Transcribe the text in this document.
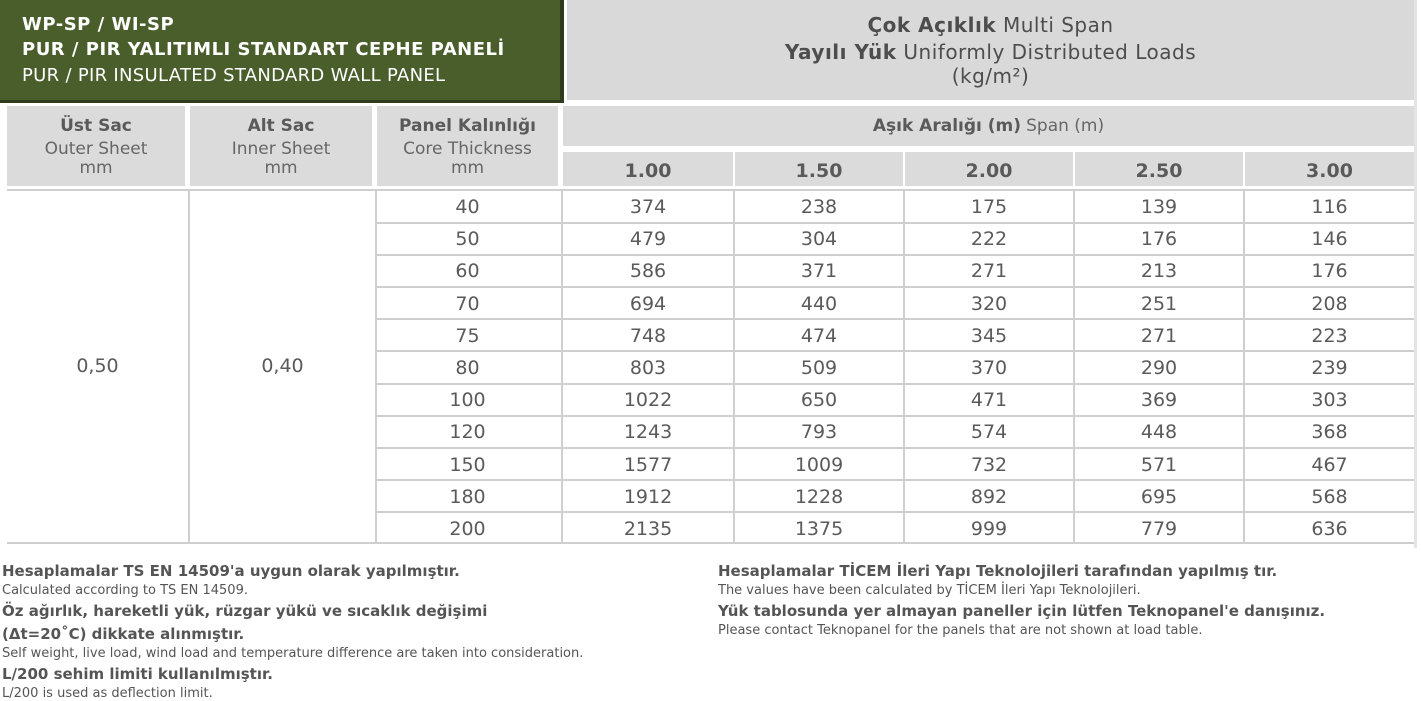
WP-SP / WI-SP
PUR / PIR YALITIMLI STANDART CEPHE PANELİ
PUR / PIR INSULATED STANDARD WALL PANEL
Çok Açıklık Multi Span
Yayılı Yük Uniformly Distributed Loads
(kg/m²)
Üst Sac
Outer Sheet
mm
Alt Sac
Inner Sheet
mm
Panel Kalınlığı
Core Thickness
mm
Aşık Aralığı (m) Span (m)
1.00	1.50	2.00	2.50	3.00
0,50	0,40
40	374	238	175	139	116
50	479	304	222	176	146
60	586	371	271	213	176
70	694	440	320	251	208
75	748	474	345	271	223
80	803	509	370	290	239
100	1022	650	471	369	303
120	1243	793	574	448	368
150	1577	1009	732	571	467
180	1912	1228	892	695	568
200	2135	1375	999	779	636
Hesaplamalar TS EN 14509'a uygun olarak yapılmıştır.
Calculated according to TS EN 14509.
Öz ağırlık, hareketli yük, rüzgar yükü ve sıcaklık değişimi
(Δt=20˚C) dikkate alınmıştır.
Self weight, live load, wind load and temperature difference are taken into consideration.
L/200 sehim limiti kullanılmıştır.
L/200 is used as deflection limit.
Hesaplamalar TİCEM İleri Yapı Teknolojileri tarafından yapılmış tır.
The values have been calculated by TİCEM İleri Yapı Teknolojileri.
Yük tablosunda yer almayan paneller için lütfen Teknopanel'e danışınız.
Please contact Teknopanel for the panels that are not shown at load table.
